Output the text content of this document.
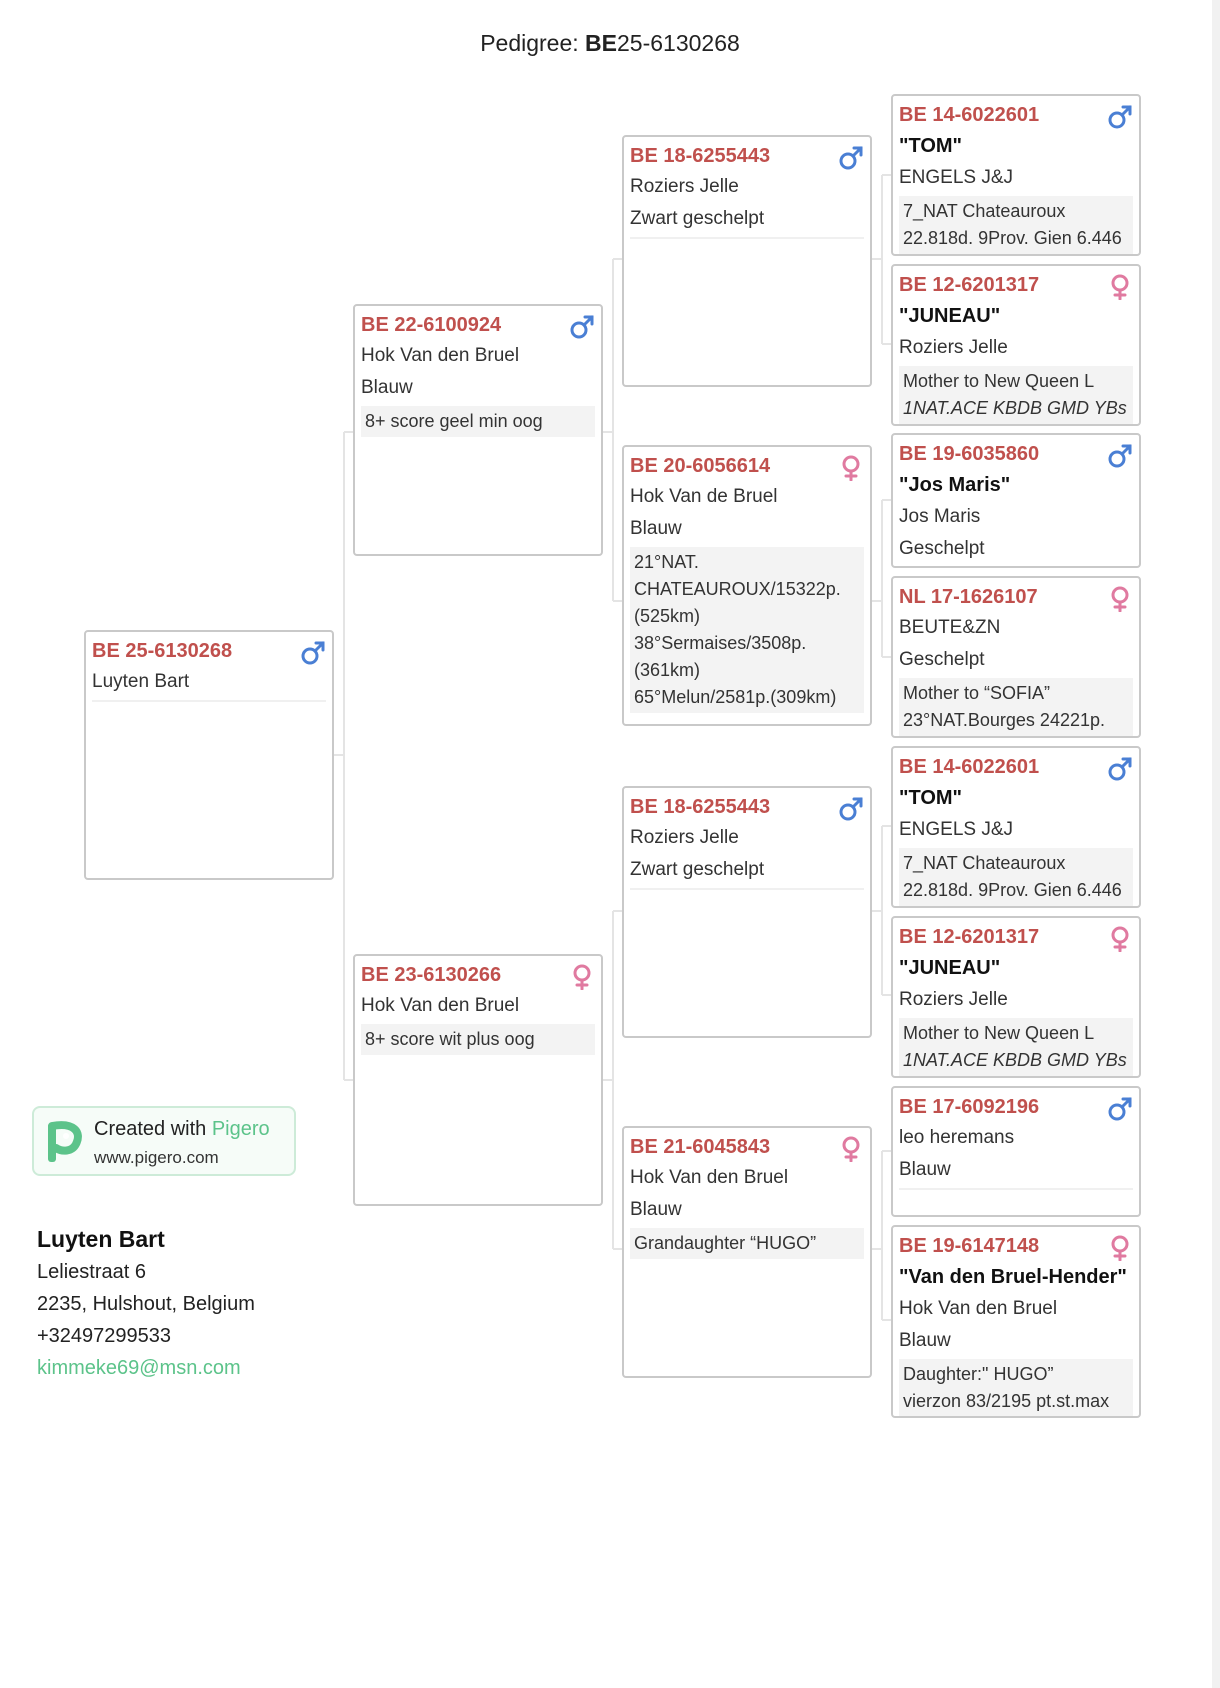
Pedigree: BE25-6130268
BE 25-6130268
Luyten Bart
BE 22-6100924
Hok Van den Bruel
Blauw
8+ score geel min oog
BE 23-6130266
Hok Van den Bruel
8+ score wit plus oog
BE 18-6255443
Roziers Jelle
Zwart geschelpt
BE 20-6056614
Hok Van de Bruel
Blauw
21°NAT.
CHATEAUROUX/15322p.
(525km)
38°Sermaises/3508p.
(361km)
65°Melun/2581p.(309km)
BE 18-6255443
Roziers Jelle
Zwart geschelpt
BE 21-6045843
Hok Van den Bruel
Blauw
Grandaughter “HUGO”
BE 14-6022601
"TOM"
ENGELS J&J
7_NAT Chateauroux
22.818d. 9Prov. Gien 6.446
BE 12-6201317
"JUNEAU"
Roziers Jelle
Mother to New Queen L
1NAT.ACE KBDB GMD YBs
BE 19-6035860
"Jos Maris"
Jos Maris
Geschelpt
NL 17-1626107
BEUTE&ZN
Geschelpt
Mother to “SOFIA”
23°NAT.Bourges 24221p.
BE 14-6022601
"TOM"
ENGELS J&J
7_NAT Chateauroux
22.818d. 9Prov. Gien 6.446
BE 12-6201317
"JUNEAU"
Roziers Jelle
Mother to New Queen L
1NAT.ACE KBDB GMD YBs
BE 17-6092196
leo heremans
Blauw
BE 19-6147148
"Van den Bruel-Hender"
Hok Van den Bruel
Blauw
Daughter:" HUGO”
vierzon 83/2195 pt.st.max
Created with Pigero
www.pigero.com
Luyten Bart
Leliestraat 6
2235, Hulshout, Belgium
+32497299533
kimmeke69@msn.com
